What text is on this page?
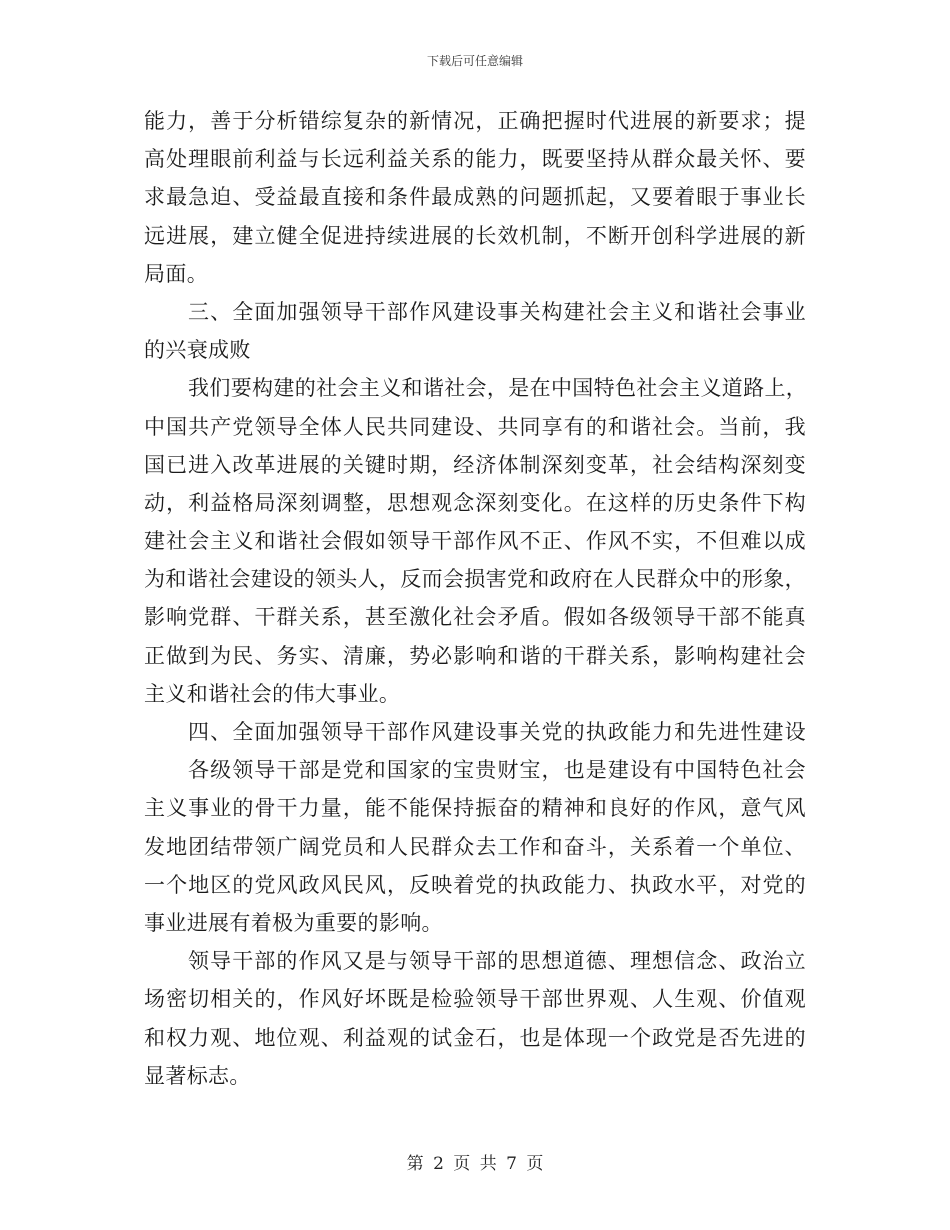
下载后可任意编辑
能力，善于分析错综复杂的新情况，正确把握时代进展的新要求；提
高处理眼前利益与长远利益关系的能力，既要坚持从群众最关怀、要
求最急迫、受益最直接和条件最成熟的问题抓起，又要着眼于事业长
远进展，建立健全促进持续进展的长效机制，不断开创科学进展的新
局面。
三、全面加强领导干部作风建设事关构建社会主义和谐社会事业
的兴衰成败
我们要构建的社会主义和谐社会，是在中国特色社会主义道路上，
中国共产党领导全体人民共同建设、共同享有的和谐社会。当前，我
国已进入改革进展的关键时期，经济体制深刻变革，社会结构深刻变
动，利益格局深刻调整，思想观念深刻变化。在这样的历史条件下构
建社会主义和谐社会假如领导干部作风不正、作风不实，不但难以成
为和谐社会建设的领头人，反而会损害党和政府在人民群众中的形象，
影响党群、干群关系，甚至激化社会矛盾。假如各级领导干部不能真
正做到为民、务实、清廉，势必影响和谐的干群关系，影响构建社会
主义和谐社会的伟大事业。
四、全面加强领导干部作风建设事关党的执政能力和先进性建设
各级领导干部是党和国家的宝贵财宝，也是建设有中国特色社会
主义事业的骨干力量，能不能保持振奋的精神和良好的作风，意气风
发地团结带领广阔党员和人民群众去工作和奋斗，关系着一个单位、
一个地区的党风政风民风，反映着党的执政能力、执政水平，对党的
事业进展有着极为重要的影响。
领导干部的作风又是与领导干部的思想道德、理想信念、政治立
场密切相关的，作风好坏既是检验领导干部世界观、人生观、价值观
和权力观、地位观、利益观的试金石，也是体现一个政党是否先进的
显著标志。
第 2 页 共 7 页
